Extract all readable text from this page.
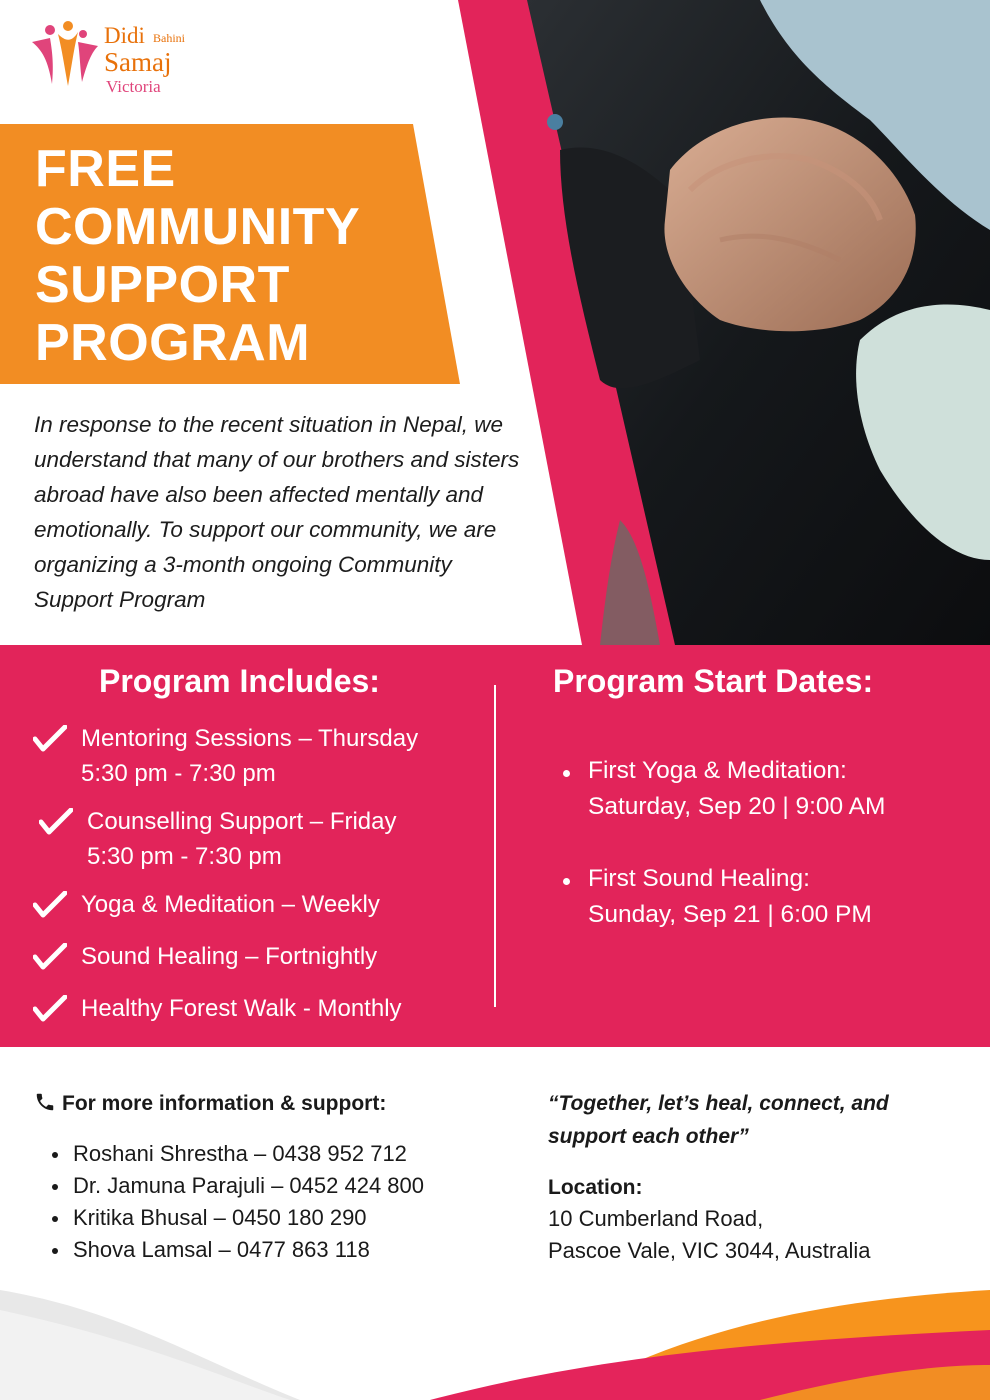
Didi Bahini
Samaj
Victoria
FREE
COMMUNITY
SUPPORT
PROGRAM

In response to the recent situation in Nepal, we understand that many of our brothers and sisters abroad have also been affected mentally and emotionally. To support our community, we are organizing a 3-month ongoing Community Support Program

Program Includes:	Program Start Dates:
Mentoring Sessions – Thursday
5:30 pm - 7:30 pm
Counselling Support – Friday
5:30 pm - 7:30 pm
Yoga & Meditation – Weekly
Sound Healing – Fortnightly
Healthy Forest Walk - Monthly
First Yoga & Meditation:
Saturday, Sep 20 | 9:00 AM
First Sound Healing:
Sunday, Sep 21 | 6:00 PM
For more information & support:
Roshani Shrestha – 0438 952 712
Dr. Jamuna Parajuli – 0452 424 800
Kritika Bhusal – 0450 180 290
Shova Lamsal – 0477 863 118
“Together, let’s heal, connect, and
support each other”
Location:
10 Cumberland Road,
Pascoe Vale, VIC 3044, Australia
